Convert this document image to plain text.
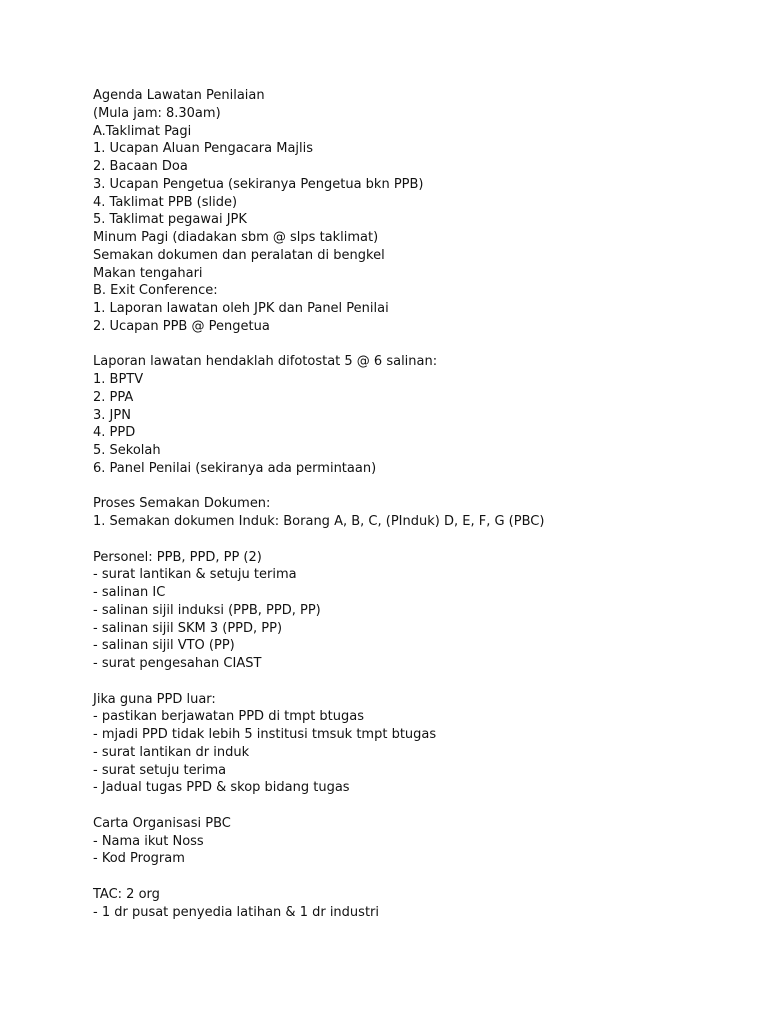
Agenda Lawatan Penilaian
(Mula jam: 8.30am)
A.Taklimat Pagi
1. Ucapan Aluan Pengacara Majlis
2. Bacaan Doa
3. Ucapan Pengetua (sekiranya Pengetua bkn PPB)
4. Taklimat PPB (slide)
5. Taklimat pegawai JPK
Minum Pagi (diadakan sbm @ slps taklimat)
Semakan dokumen dan peralatan di bengkel
Makan tengahari
B. Exit Conference:
1. Laporan lawatan oleh JPK dan Panel Penilai
2. Ucapan PPB @ Pengetua
Laporan lawatan hendaklah difotostat 5 @ 6 salinan:
1. BPTV
2. PPA
3. JPN
4. PPD
5. Sekolah
6. Panel Penilai (sekiranya ada permintaan)
Proses Semakan Dokumen:
1. Semakan dokumen Induk: Borang A, B, C, (PInduk) D, E, F, G (PBC)
Personel: PPB, PPD, PP (2)
- surat lantikan & setuju terima
- salinan IC
- salinan sijil induksi (PPB, PPD, PP)
- salinan sijil SKM 3 (PPD, PP)
- salinan sijil VTO (PP)
- surat pengesahan CIAST
Jika guna PPD luar:
- pastikan berjawatan PPD di tmpt btugas
- mjadi PPD tidak lebih 5 institusi tmsuk tmpt btugas
- surat lantikan dr induk
- surat setuju terima
- Jadual tugas PPD & skop bidang tugas
Carta Organisasi PBC
- Nama ikut Noss
- Kod Program
TAC: 2 org
- 1 dr pusat penyedia latihan & 1 dr industri
